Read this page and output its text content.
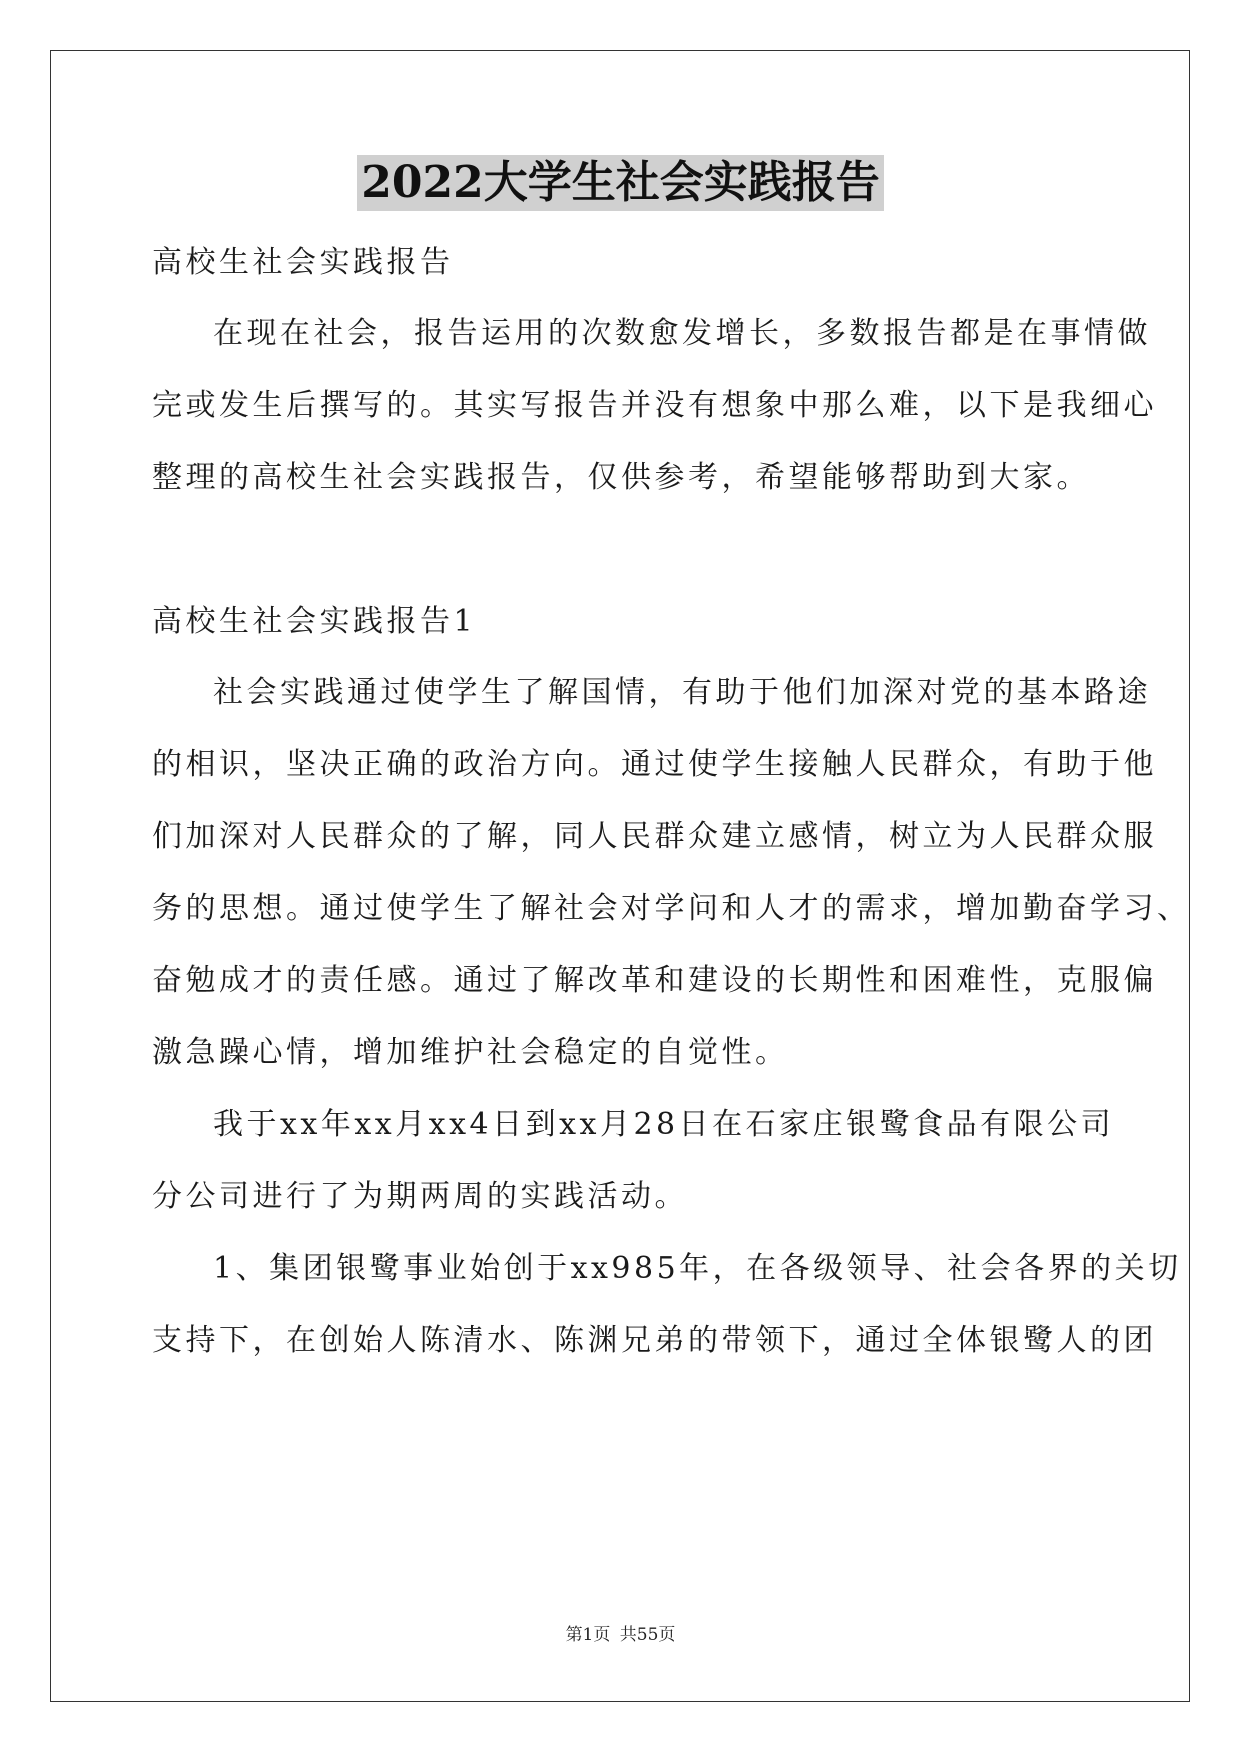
2022大学生社会实践报告
高校生社会实践报告
在现在社会，报告运用的次数愈发增长，多数报告都是在事情做
完或发生后撰写的。其实写报告并没有想象中那么难，以下是我细心
整理的高校生社会实践报告，仅供参考，希望能够帮助到大家。
高校生社会实践报告1
社会实践通过使学生了解国情，有助于他们加深对党的基本路途
的相识，坚决正确的政治方向。通过使学生接触人民群众，有助于他
们加深对人民群众的了解，同人民群众建立感情，树立为人民群众服
务的思想。通过使学生了解社会对学问和人才的需求，增加勤奋学习、
奋勉成才的责任感。通过了解改革和建设的长期性和困难性，克服偏
激急躁心情，增加维护社会稳定的自觉性。
我于xx年xx月xx4日到xx月28日在石家庄银鹭食品有限公司
分公司进行了为期两周的实践活动。
1、集团银鹭事业始创于xx985年，在各级领导、社会各界的关切
支持下，在创始人陈清水、陈渊兄弟的带领下，通过全体银鹭人的团
第1页 共55页
